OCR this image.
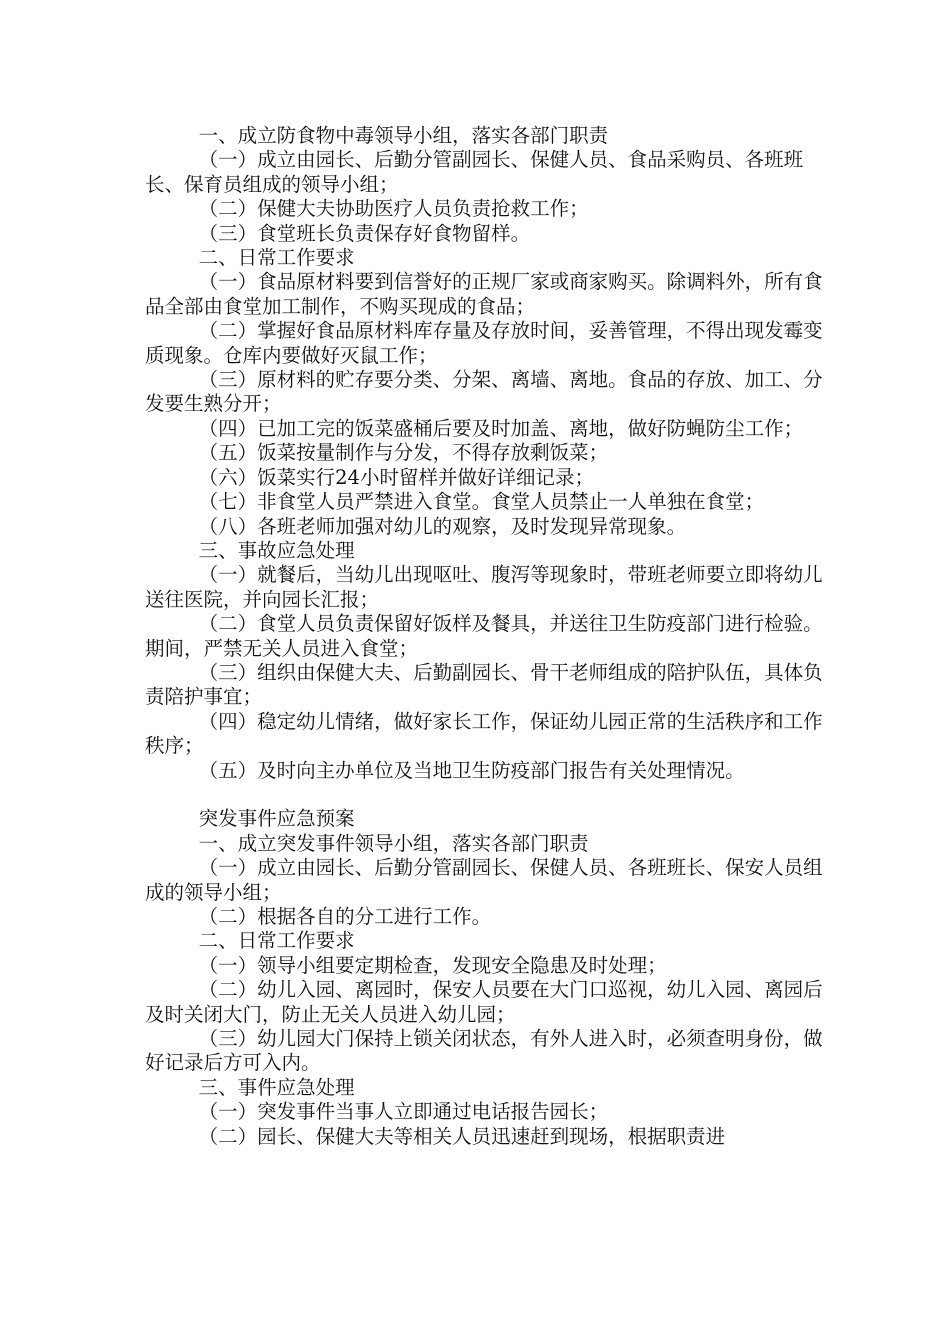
一、成立防食物中毒领导小组，落实各部门职责

（一）成立由园长、后勤分管副园长、保健人员、食品采购员、各班班长、保育员组成的领导小组；

（二）保健大夫协助医疗人员负责抢救工作；

（三）食堂班长负责保存好食物留样。

二、日常工作要求

（一）食品原材料要到信誉好的正规厂家或商家购买。除调料外，所有食品全部由食堂加工制作，不购买现成的食品；

（二）掌握好食品原材料库存量及存放时间，妥善管理，不得出现发霉变质现象。仓库内要做好灭鼠工作；

（三）原材料的贮存要分类、分架、离墙、离地。食品的存放、加工、分发要生熟分开；

（四）已加工完的饭菜盛桶后要及时加盖、离地，做好防蝇防尘工作；

（五）饭菜按量制作与分发，不得存放剩饭菜；

（六）饭菜实行24小时留样并做好详细记录；

（七）非食堂人员严禁进入食堂。食堂人员禁止一人单独在食堂；

（八）各班老师加强对幼儿的观察，及时发现异常现象。

三、事故应急处理

（一）就餐后，当幼儿出现呕吐、腹泻等现象时，带班老师要立即将幼儿送往医院，并向园长汇报；

（二）食堂人员负责保留好饭样及餐具，并送往卫生防疫部门进行检验。期间，严禁无关人员进入食堂；

（三）组织由保健大夫、后勤副园长、骨干老师组成的陪护队伍，具体负责陪护事宜；

（四）稳定幼儿情绪，做好家长工作，保证幼儿园正常的生活秩序和工作秩序；

（五）及时向主办单位及当地卫生防疫部门报告有关处理情况。

突发事件应急预案

一、成立突发事件领导小组，落实各部门职责

（一）成立由园长、后勤分管副园长、保健人员、各班班长、保安人员组成的领导小组；

（二）根据各自的分工进行工作。

二、日常工作要求

（一）领导小组要定期检查，发现安全隐患及时处理；

（二）幼儿入园、离园时，保安人员要在大门口巡视，幼儿入园、离园后及时关闭大门，防止无关人员进入幼儿园；

（三）幼儿园大门保持上锁关闭状态，有外人进入时，必须查明身份，做好记录后方可入内。

三、事件应急处理

（一）突发事件当事人立即通过电话报告园长；

（二）园长、保健大夫等相关人员迅速赶到现场，根据职责进
